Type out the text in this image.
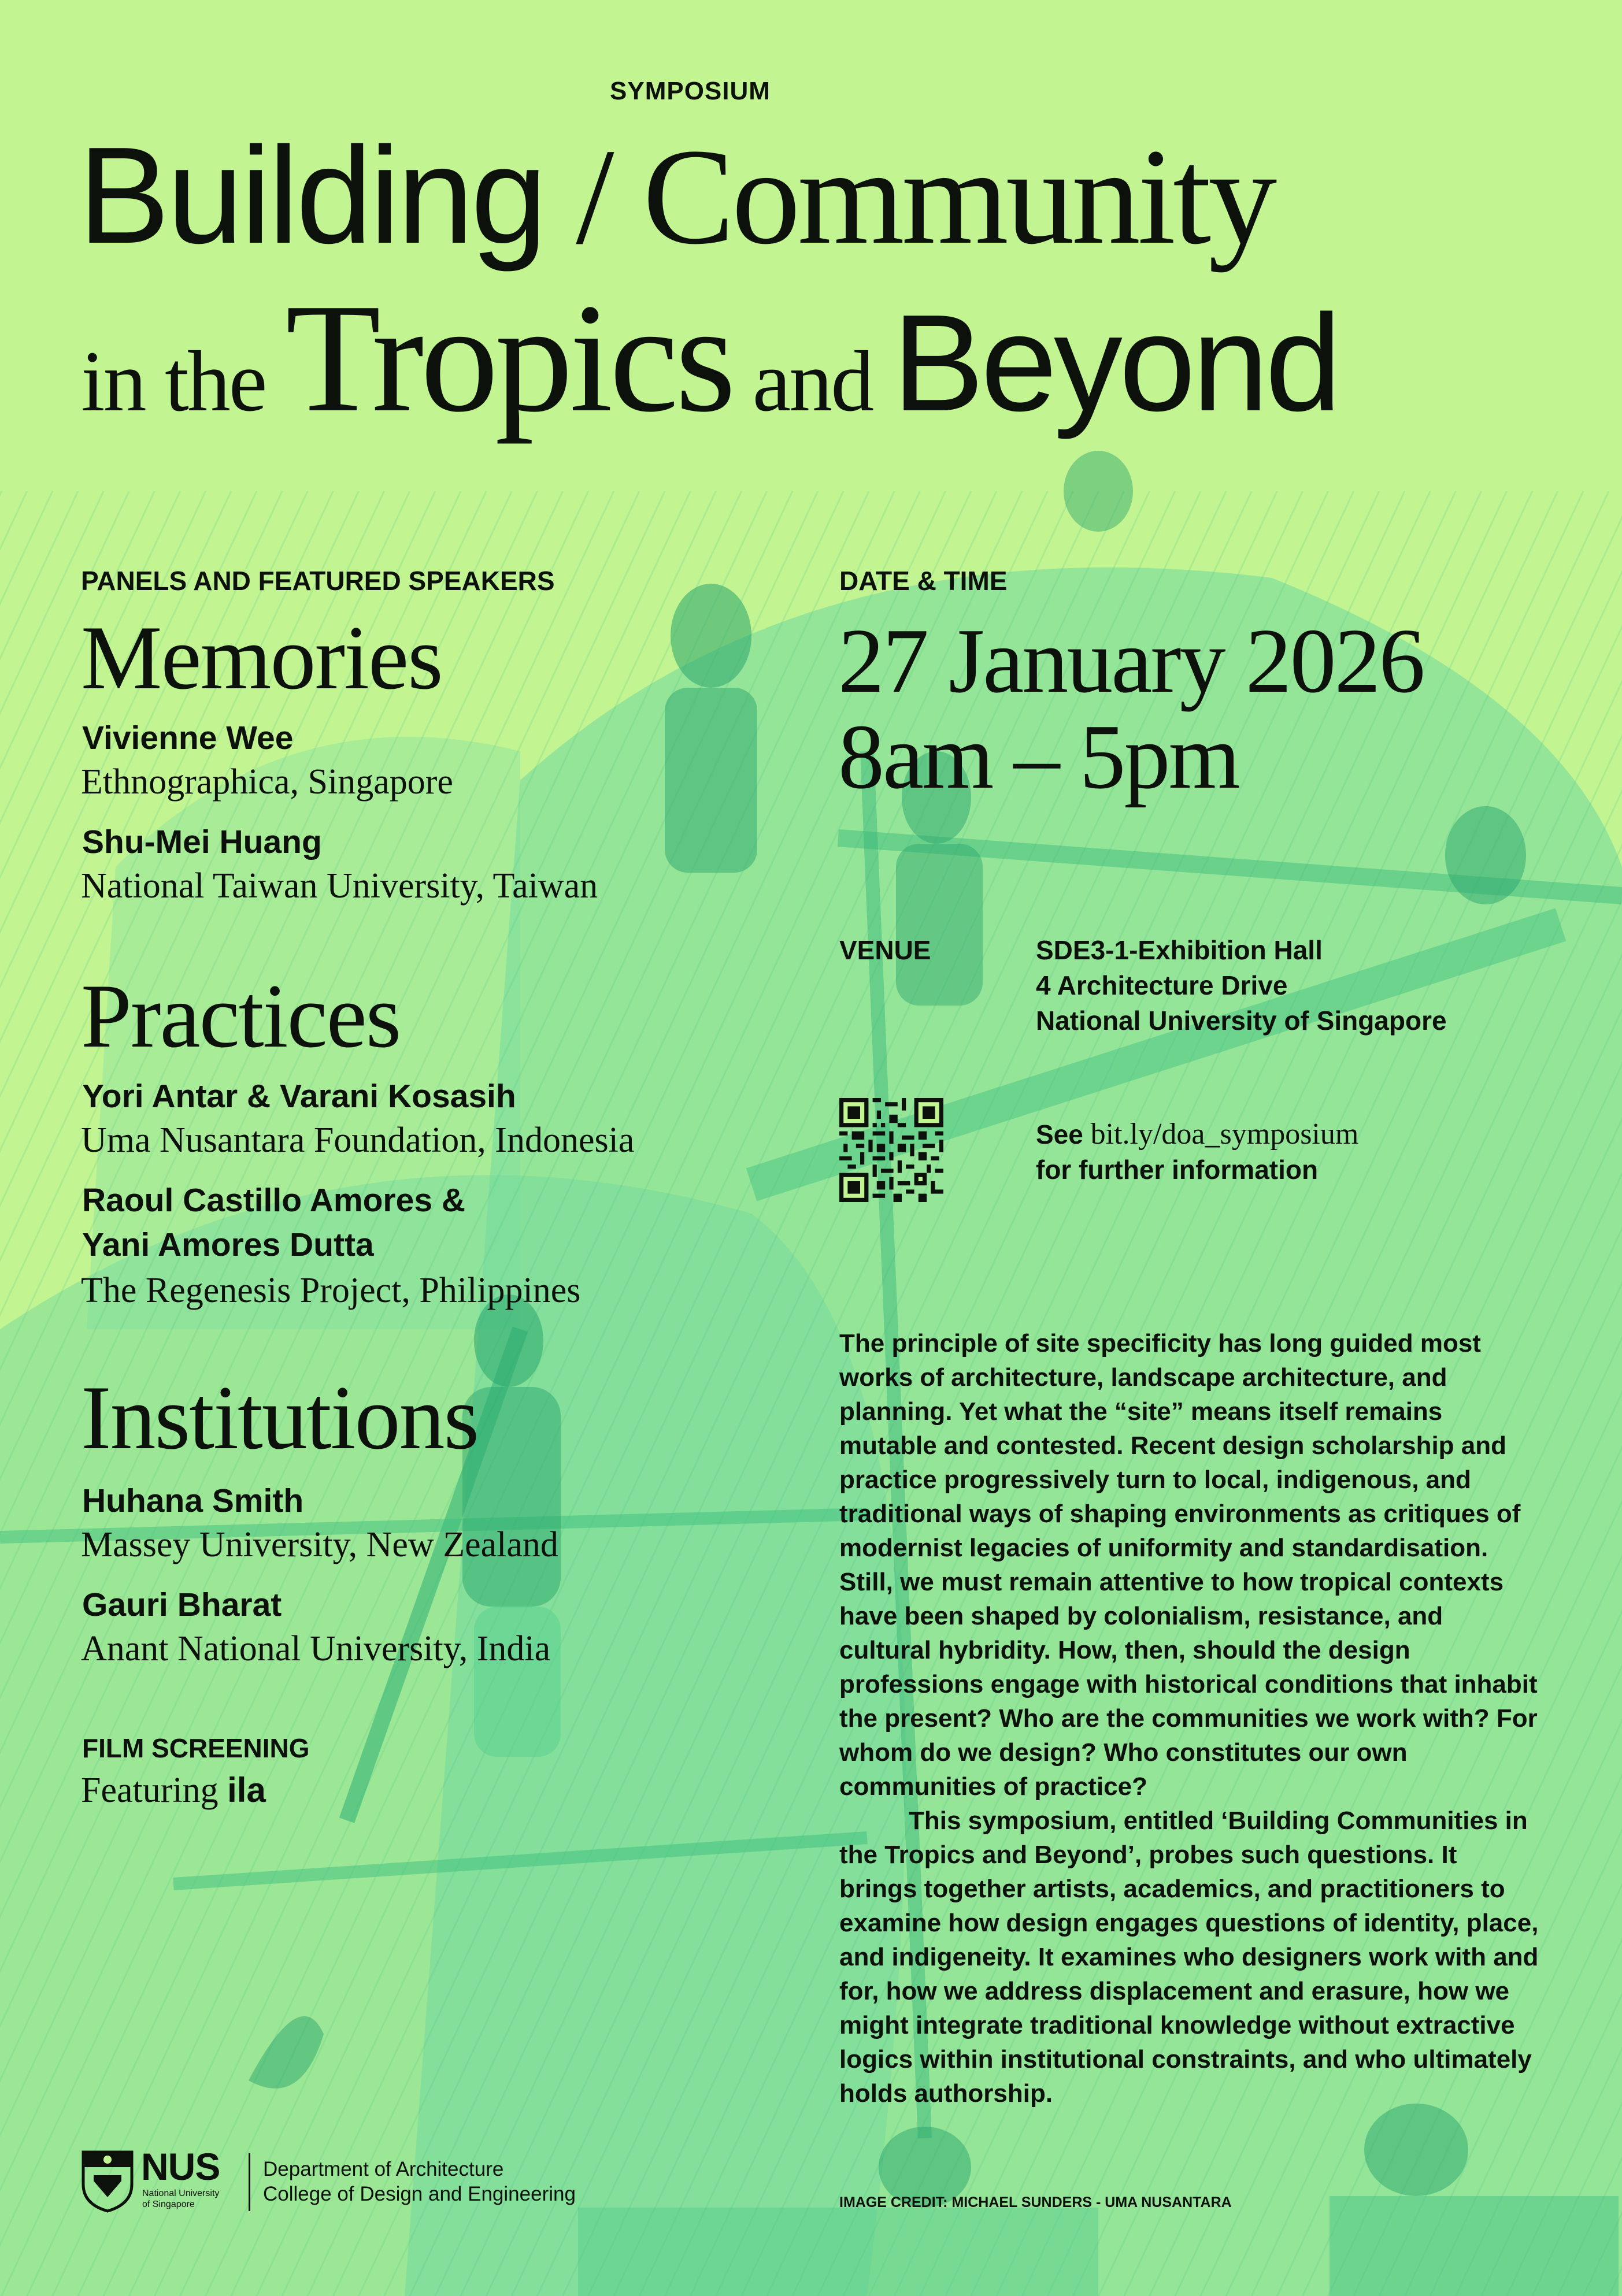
SYMPOSIUM
Building / Community
in the Tropics and Beyond
PANELS AND FEATURED SPEAKERS
Memories
Vivienne Wee
Ethnographica, Singapore
Shu-Mei Huang
National Taiwan University, Taiwan
Practices
Yori Antar & Varani Kosasih
Uma Nusantara Foundation, Indonesia
Raoul Castillo Amores &
Yani Amores Dutta
The Regenesis Project, Philippines
Institutions
Huhana Smith
Massey University, New Zealand
Gauri Bharat
Anant National University, India
FILM SCREENING
Featuring ila
DATE & TIME
27 January 2026
8am – 5pm
VENUE	SDE3-1-Exhibition Hall
4 Architecture Drive
National University of Singapore
See bit.ly/doa_symposium
for further information

The principle of site specificity has long guided most works of architecture, landscape architecture, and planning. Yet what the “site” means itself remains mutable and contested. Recent design scholarship and practice progressively turn to local, indigenous, and traditional ways of shaping environments as critiques of modernist legacies of uniformity and standardisation. Still, we must remain attentive to how tropical contexts have been shaped by colonialism, resistance, and cultural hybridity. How, then, should the design professions engage with historical conditions that inhabit the present? Who are the communities we work with? For whom do we design? Who constitutes our own communities of practice?

This symposium, entitled ‘Building Communities in the Tropics and Beyond’, probes such questions. It brings together artists, academics, and practitioners to examine how design engages questions of identity, place, and indigeneity. It examines who designers work with and for, how we address displacement and erasure, how we might integrate traditional knowledge without extractive logics within institutional constraints, and who ultimately holds authorship.

NUS
National University
of Singapore
Department of Architecture
College of Design and Engineering	IMAGE CREDIT: MICHAEL SUNDERS - UMA NUSANTARA
